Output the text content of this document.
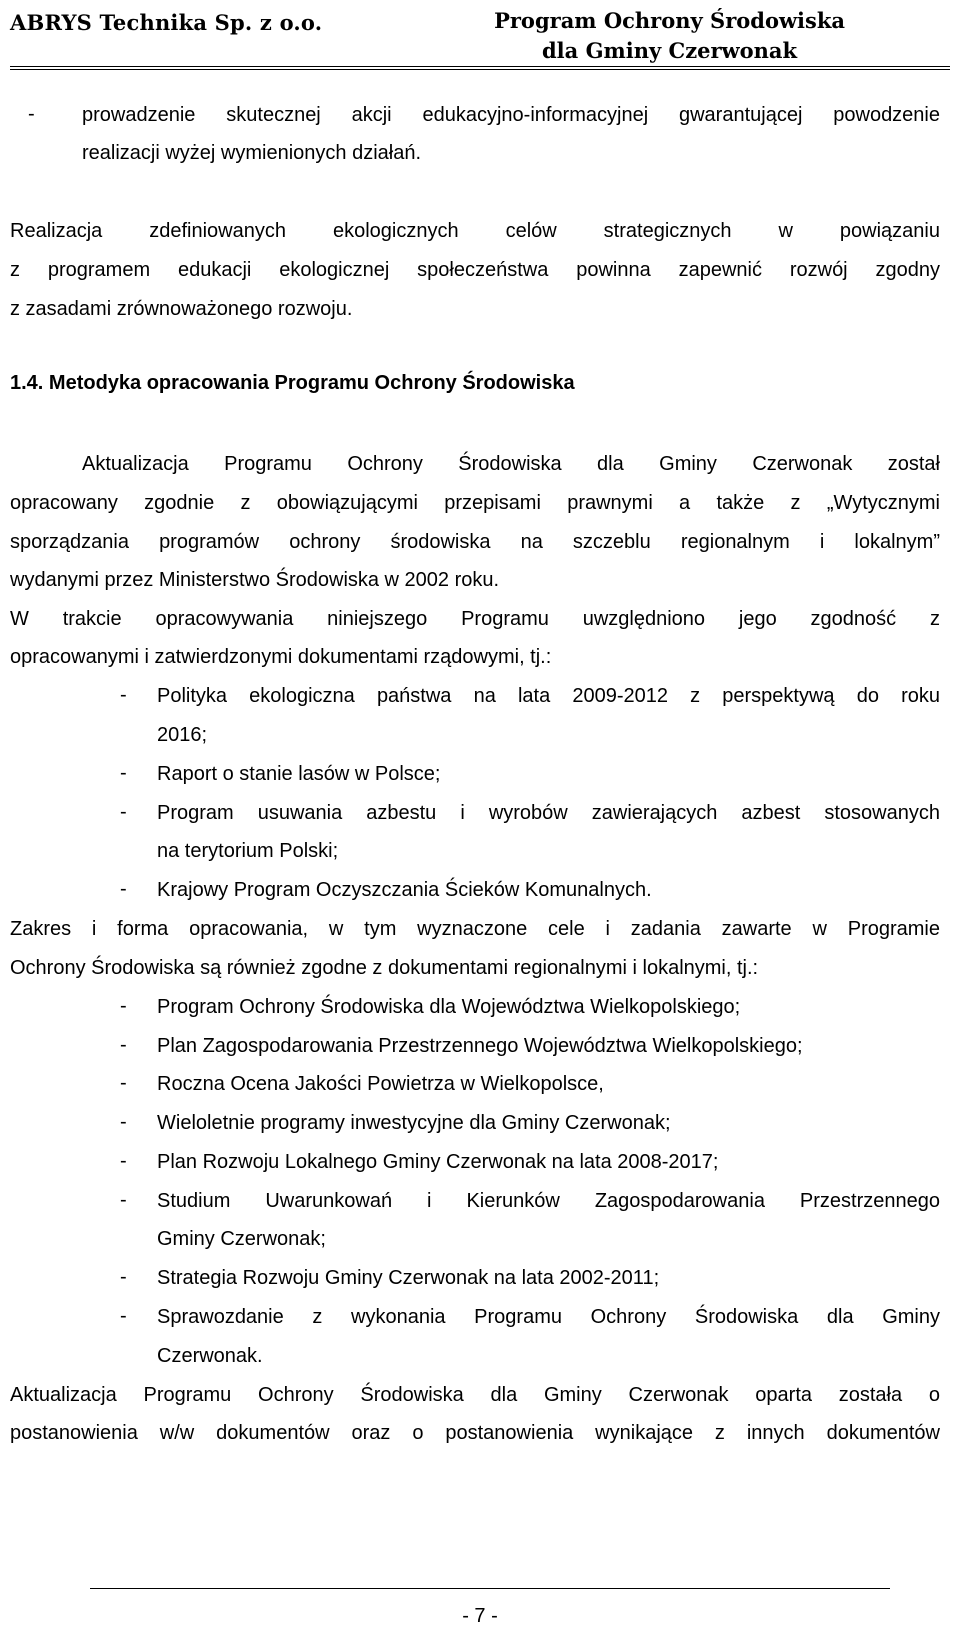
ABRYS Technika Sp. z o.o.	Program Ochrony Środowiska
dla Gminy Czerwonak
- prowadzenie skutecznej akcji edukacyjno-informacyjnej gwarantującej powodzenie
realizacji wyżej wymienionych działań.
Realizacja zdefiniowanych ekologicznych celów strategicznych w powiązaniu
z programem edukacji ekologicznej społeczeństwa powinna zapewnić rozwój zgodny
z zasadami zrównoważonego rozwoju.
1.4. Metodyka opracowania Programu Ochrony Środowiska
Aktualizacja Programu Ochrony Środowiska dla Gminy Czerwonak został
opracowany zgodnie z obowiązującymi przepisami prawnymi a także z „Wytycznymi
sporządzania programów ochrony środowiska na szczeblu regionalnym i lokalnym”
wydanymi przez Ministerstwo Środowiska w 2002 roku.
W trakcie opracowywania niniejszego Programu uwzględniono jego zgodność z
opracowanymi i zatwierdzonymi dokumentami rządowymi, tj.:
- Polityka ekologiczna państwa na lata 2009-2012 z perspektywą do roku
2016;
- Raport o stanie lasów w Polsce;
- Program usuwania azbestu i wyrobów zawierających azbest stosowanych
na terytorium Polski;
- Krajowy Program Oczyszczania Ścieków Komunalnych.
Zakres i forma opracowania, w tym wyznaczone cele i zadania zawarte w Programie
Ochrony Środowiska są również zgodne z dokumentami regionalnymi i lokalnymi, tj.:
- Program Ochrony Środowiska dla Województwa Wielkopolskiego;
- Plan Zagospodarowania Przestrzennego Województwa Wielkopolskiego;
- Roczna Ocena Jakości Powietrza w Wielkopolsce,
- Wieloletnie programy inwestycyjne dla Gminy Czerwonak;
- Plan Rozwoju Lokalnego Gminy Czerwonak na lata 2008-2017;
- Studium Uwarunkowań i Kierunków Zagospodarowania Przestrzennego
Gminy Czerwonak;
- Strategia Rozwoju Gminy Czerwonak na lata 2002-2011;
- Sprawozdanie z wykonania Programu Ochrony Środowiska dla Gminy
Czerwonak.
Aktualizacja Programu Ochrony Środowiska dla Gminy Czerwonak oparta została o
postanowienia w/w dokumentów oraz o postanowienia wynikające z innych dokumentów
- 7 -
